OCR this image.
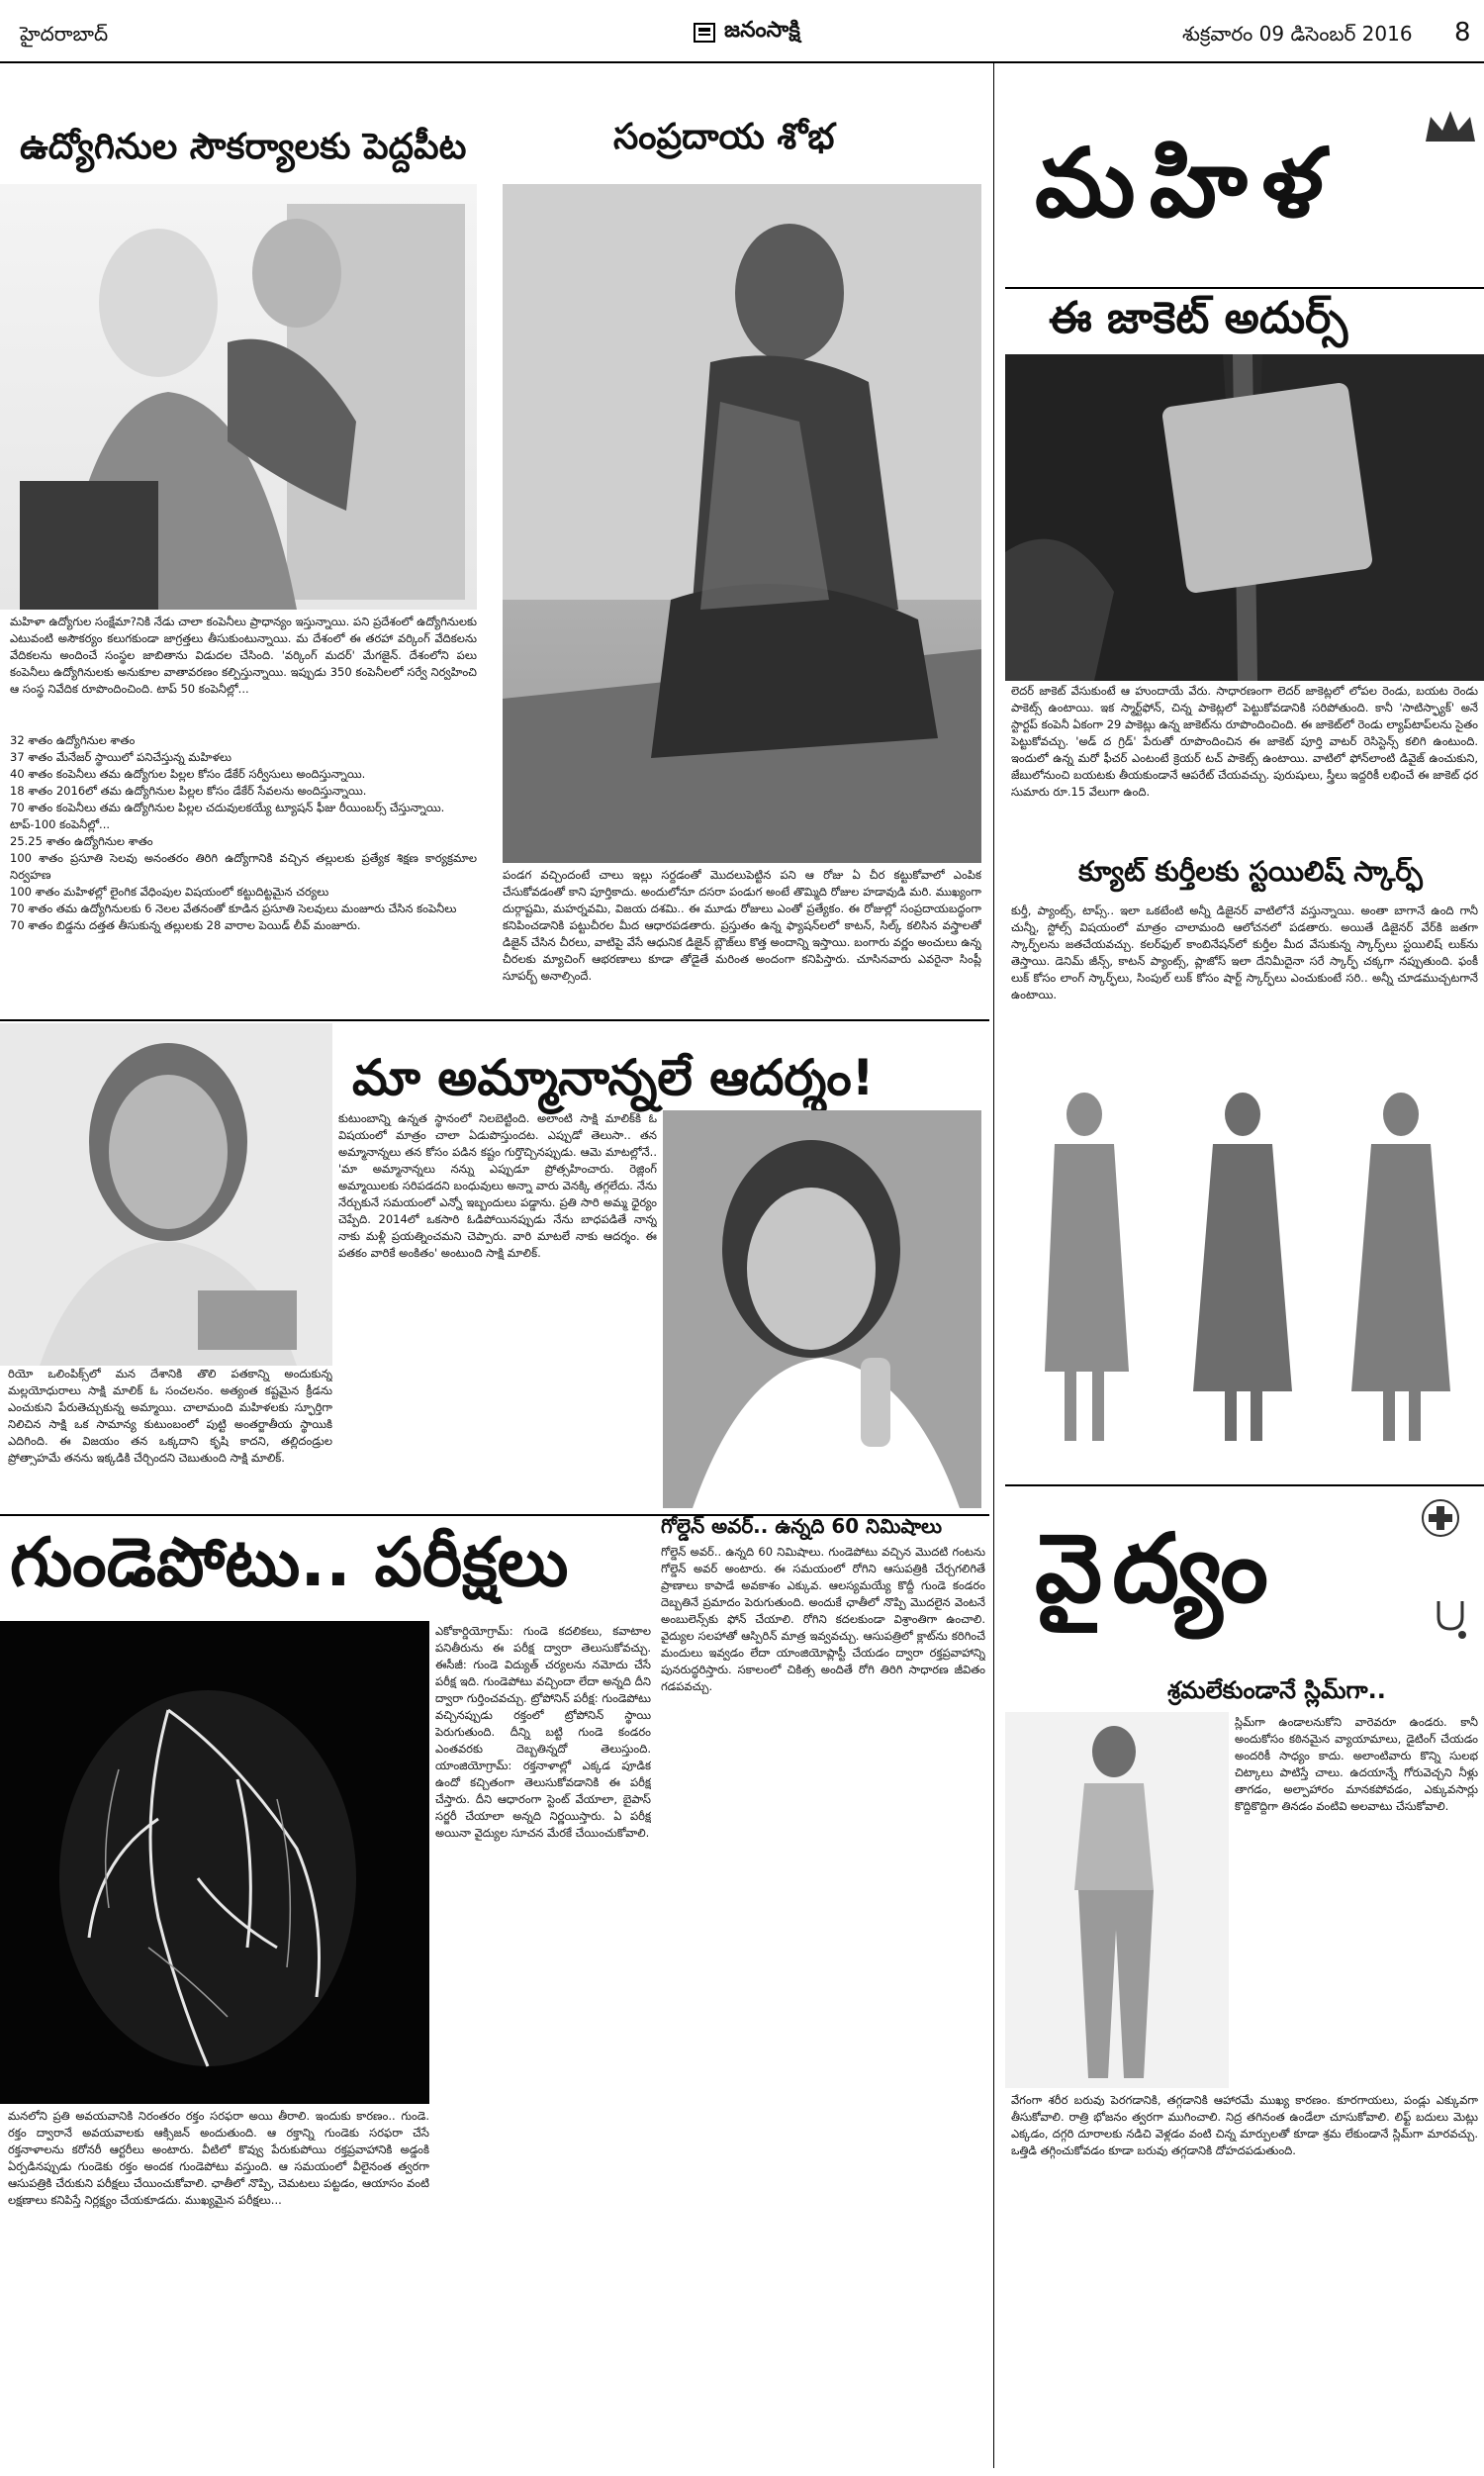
హైదరాబాద్	జనంసాక్షి	శుక్రవారం 09 డిసెంబర్ 2016 8
ఉద్యోగినుల సౌకర్యాలకు పెద్దపీట
మహిళా ఉద్యోగుల సంక్షేమా?నికి నేడు చాలా కంపెనీలు ప్రాధాన్యం ఇస్తున్నాయి. పని ప్రదేశంలో ఉద్యోగినులకు ఎటువంటి అసౌకర్యం కలుగకుండా జాగ్రత్తలు తీసుకుంటున్నాయి. మ దేశంలో ఈ తరహా వర్కింగ్ వేదికలను వేదికలను అందించే సంస్థల జాబితాను విడుదల చేసింది. 'వర్కింగ్ మదర్' మేగజైన్. దేశంలోని పలు కంపెనీలు ఉద్యోగినులకు అనుకూల వాతావరణం కల్పిస్తున్నాయి. ఇప్పుడు 350 కంపెనీలలో సర్వే నిర్వహించి ఆ సంస్థ నివేదిక రూపొందించింది. టాప్ 50 కంపెనీల్లో...
32 శాతం ఉద్యోగినుల శాతం
37 శాతం మేనేజర్ స్థాయిలో పనిచేస్తున్న మహిళలు
40 శాతం కంపెనీలు తమ ఉద్యోగుల పిల్లల కోసం డేకేర్ సర్వీసులు అందిస్తున్నాయి.
18 శాతం 2016లో తమ ఉద్యోగినుల పిల్లల కోసం డేకేర్ సేవలను అందిస్తున్నాయి.
70 శాతం కంపెనీలు తమ ఉద్యోగినుల పిల్లల చదువులకయ్యే ట్యూషన్ ఫీజు రీయింబర్స్ చేస్తున్నాయి.
టాప్-100 కంపెనీల్లో...
25.25 శాతం ఉద్యోగినుల శాతం
100 శాతం ప్రసూతి సెలవు అనంతరం తిరిగి ఉద్యోగానికి వచ్చిన తల్లులకు ప్రత్యేక శిక్షణ కార్యక్రమాల నిర్వహణ
100 శాతం మహిళల్లో లైంగిక వేధింపుల విషయంలో కట్టుదిట్టమైన చర్యలు
70 శాతం తమ ఉద్యోగినులకు 6 నెలల వేతనంతో కూడిన ప్రసూతి సెలవులు మంజూరు చేసిన కంపెనీలు
70 శాతం బిడ్డను దత్తత తీసుకున్న తల్లులకు 28 వారాల పెయిడ్ లీవ్ మంజూరు.
సంప్రదాయ శోభ
పండగ వచ్చిందంటే చాలు ఇల్లు సర్దడంతో మొదలుపెట్టిన పని ఆ రోజు ఏ చీర కట్టుకోవాలో ఎంపిక చేసుకోవడంతో కాని పూర్తికాదు. అందులోనూ దసరా పండుగ అంటే తొమ్మిది రోజుల హడావుడి మరి. ముఖ్యంగా దుర్గాష్టమి, మహర్నవమి, విజయ దశమి.. ఈ మూడు రోజులు ఎంతో ప్రత్యేకం. ఈ రోజుల్లో సంప్రదాయబద్ధంగా కనిపించడానికి పట్టుచీరల మీద ఆధారపడతారు. ప్రస్తుతం ఉన్న ఫ్యాషన్‌లలో కాటన్, సిల్క్ కలిసిన వస్త్రాలతో డిజైన్ చేసిన చీరలు, వాటిపై వేసే ఆధునిక డిజైన్ బ్లౌజ్‌లు కొత్త అందాన్ని ఇస్తాయి. బంగారు వర్ణం అంచులు ఉన్న చీరలకు మ్యాచింగ్ ఆభరణాలు కూడా తోడైతే మరింత అందంగా కనిపిస్తారు. చూసినవారు ఎవరైనా సింప్లీ సూపర్బ్ అనాల్సిందే.
మహిళ
ఈ జాకెట్ అదుర్స్
లెదర్ జాకెట్ వేసుకుంటే ఆ హుందాయే వేరు. సాధారణంగా లెదర్ జాకెట్లలో లోపల రెండు, బయట రెండు పాకెట్స్ ఉంటాయి. ఇక స్మార్ట్‌ఫోన్, చిన్న పాకెట్లలో పెట్టుకోవడానికి సరిపోతుంది. కానీ 'సాటిస్ఫ్యాక్' అనే స్టార్టప్ కంపెనీ ఏకంగా 29 పాకెట్లు ఉన్న జాకెట్‌ను రూపొందించింది. ఈ జాకెట్‌లో రెండు ల్యాప్‌టాప్‌లను సైతం పెట్టుకోవచ్చు. 'అడ్ ద గ్రిడ్' పేరుతో రూపొందించిన ఈ జాకెట్ పూర్తి వాటర్ రెసిస్టెన్స్ కలిగి ఉంటుంది. ఇందులో ఉన్న మరో ఫీచర్ ఎంటంటే క్రెయర్ టచ్ పాకెట్స్ ఉంటాయి. వాటిలో ఫోన్‌లాంటి డివైజ్ ఉంచుకుని, జేబులోనుంచి బయటకు తీయకుండానే ఆపరేట్ చేయవచ్చు. పురుషులు, స్త్రీలు ఇద్దరికీ లభించే ఈ జాకెట్ ధర సుమారు రూ.15 వేలుగా ఉంది.
క్యూట్ కుర్తీలకు స్టయిలిష్ స్కార్ఫ్
కుర్తీ, ప్యాంట్స్, టాప్స్.. ఇలా ఒకటేంటి అన్నీ డిజైనర్ వాటిలోనే వస్తున్నాయి. అంతా బాగానే ఉంది గానీ చున్నీ, స్టోల్స్ విషయంలో మాత్రం చాలామంది ఆలోచనలో పడతారు. అయితే డిజైనర్ వేర్‌కి జతగా స్కార్ఫ్‌లను జతచేయవచ్చు. కలర్‌ఫుల్ కాంబినేషన్‌లో కుర్తీల మీద వేసుకున్న స్కార్ఫ్‌లు స్టయిలిష్ లుక్‌ను తెస్తాయి. డెనిమ్ జీన్స్, కాటన్ ప్యాంట్స్, ప్లాజోస్ ఇలా దేనిమీదైనా సరే స్కార్ఫ్ చక్కగా నప్పుతుంది. ఫంకీ లుక్ కోసం లాంగ్ స్కార్ఫ్‌లు, సింపుల్ లుక్ కోసం షార్ట్ స్కార్ఫ్‌లు ఎంచుకుంటే సరి.. అన్నీ చూడముచ్చటగానే ఉంటాయి.
మా అమ్మానాన్నలే ఆదర్శం!
రియో ఒలింపిక్స్‌లో మన దేశానికి తొలి పతకాన్ని అందుకున్న మల్లయోధురాలు సాక్షి మాలిక్ ఓ సంచలనం. అత్యంత కష్టమైన క్రీడను ఎంచుకుని పేరుతెచ్చుకున్న అమ్మాయి. చాలామంది మహిళలకు స్ఫూర్తిగా నిలిచిన సాక్షి ఒక సామాన్య కుటుంబంలో పుట్టి అంతర్జాతీయ స్థాయికి ఎదిగింది. ఈ విజయం తన ఒక్కదాని కృషి కాదని, తల్లిదండ్రుల ప్రోత్సాహమే తనను ఇక్కడికి చేర్చిందని చెబుతుంది సాక్షి మాలిక్.
కుటుంబాన్ని ఉన్నత స్థానంలో నిలబెట్టింది. అలాంటి సాక్షి మాలిక్‌కి ఓ విషయంలో మాత్రం చాలా ఏడుపొస్తుందట. ఎప్పుడో తెలుసా.. తన అమ్మానాన్నలు తన కోసం పడిన కష్టం గుర్తొచ్చినప్పుడు. ఆమె మాటల్లోనే.. 'మా అమ్మానాన్నలు నన్ను ఎప్పుడూ ప్రోత్సహించారు. రెజ్లింగ్ అమ్మాయిలకు సరిపడదని బంధువులు అన్నా వారు వెనక్కి తగ్గలేదు. నేను నేర్చుకునే సమయంలో ఎన్నో ఇబ్బందులు పడ్డాను. ప్రతి సారి అమ్మ ధైర్యం చెప్పేది. 2014లో ఒకసారి ఓడిపోయినప్పుడు నేను బాధపడితే నాన్న నాకు మళ్లీ ప్రయత్నించమని చెప్పారు. వారి మాటలే నాకు ఆదర్శం. ఈ పతకం వారికే అంకితం' అంటుంది సాక్షి మాలిక్.
గుండెపోటు.. పరీక్షలు	గోల్డెన్ అవర్.. ఉన్నది 60 నిమిషాలు
మనలోని ప్రతి అవయవానికి నిరంతరం రక్తం సరఫరా అయి తీరాలి. ఇందుకు కారణం.. గుండె. రక్తం ద్వారానే అవయవాలకు ఆక్సిజన్ అందుతుంది. ఆ రక్తాన్ని గుండెకు సరఫరా చేసే రక్తనాళాలను కరోనరీ ఆర్టరీలు అంటారు. వీటిలో కొవ్వు పేరుకుపోయి రక్తప్రవాహానికి అడ్డంకి ఏర్పడినప్పుడు గుండెకు రక్తం అందక గుండెపోటు వస్తుంది. ఆ సమయంలో వీలైనంత త్వరగా ఆసుపత్రికి చేరుకుని పరీక్షలు చేయించుకోవాలి. ఛాతీలో నొప్పి, చెమటలు పట్టడం, ఆయాసం వంటి లక్షణాలు కనిపిస్తే నిర్లక్ష్యం చేయకూడదు. ముఖ్యమైన పరీక్షలు...
ఎకోకార్డియోగ్రామ్: గుండె కదలికలు, కవాటాల పనితీరును ఈ పరీక్ష ద్వారా తెలుసుకోవచ్చు. ఈసీజీ: గుండె విద్యుత్ చర్యలను నమోదు చేసే పరీక్ష ఇది. గుండెపోటు వచ్చిందా లేదా అన్నది దీని ద్వారా గుర్తించవచ్చు. ట్రోపోనిన్ పరీక్ష: గుండెపోటు వచ్చినప్పుడు రక్తంలో ట్రోపోనిన్ స్థాయి పెరుగుతుంది. దీన్ని బట్టి గుండె కండరం ఎంతవరకు దెబ్బతిన్నదో తెలుస్తుంది. యాంజియోగ్రామ్: రక్తనాళాల్లో ఎక్కడ పూడిక ఉందో కచ్చితంగా తెలుసుకోవడానికి ఈ పరీక్ష చేస్తారు. దీని ఆధారంగా స్టెంట్ వేయాలా, బైపాస్ సర్జరీ చేయాలా అన్నది నిర్ణయిస్తారు. ఏ పరీక్ష అయినా వైద్యుల సూచన మేరకే చేయించుకోవాలి.
గోల్డెన్ అవర్.. ఉన్నది 60 నిమిషాలు. గుండెపోటు వచ్చిన మొదటి గంటను గోల్డెన్ అవర్ అంటారు. ఈ సమయంలో రోగిని ఆసుపత్రికి చేర్చగలిగితే ప్రాణాలు కాపాడే అవకాశం ఎక్కువ. ఆలస్యమయ్యే కొద్దీ గుండె కండరం దెబ్బతినే ప్రమాదం పెరుగుతుంది. అందుకే ఛాతీలో నొప్పి మొదలైన వెంటనే అంబులెన్స్‌కు ఫోన్ చేయాలి. రోగిని కదలకుండా విశ్రాంతిగా ఉంచాలి. వైద్యుల సలహాతో ఆస్పిరిన్ మాత్ర ఇవ్వవచ్చు. ఆసుపత్రిలో క్లాట్‌ను కరిగించే మందులు ఇవ్వడం లేదా యాంజియోప్లాస్టీ చేయడం ద్వారా రక్తప్రవాహాన్ని పునరుద్ధరిస్తారు. సకాలంలో చికిత్స అందితే రోగి తిరిగి సాధారణ జీవితం గడపవచ్చు.
వైద్యం
శ్రమలేకుండానే స్లిమ్‌గా..
స్లిమ్‌గా ఉండాలనుకోని వారెవరూ ఉండరు. కానీ అందుకోసం కఠినమైన వ్యాయామాలు, డైటింగ్ చేయడం అందరికీ సాధ్యం కాదు. అలాంటివారు కొన్ని సులభ చిట్కాలు పాటిస్తే చాలు. ఉదయాన్నే గోరువెచ్చని నీళ్లు తాగడం, అల్పాహారం మానకపోవడం, ఎక్కువసార్లు కొద్దికొద్దిగా తినడం వంటివి అలవాటు చేసుకోవాలి.
వేగంగా శరీర బరువు పెరగడానికి, తగ్గడానికి ఆహారమే ముఖ్య కారణం. కూరగాయలు, పండ్లు ఎక్కువగా తీసుకోవాలి. రాత్రి భోజనం త్వరగా ముగించాలి. నిద్ర తగినంత ఉండేలా చూసుకోవాలి. లిఫ్ట్ బదులు మెట్లు ఎక్కడం, దగ్గరి దూరాలకు నడిచి వెళ్లడం వంటి చిన్న మార్పులతో కూడా శ్రమ లేకుండానే స్లిమ్‌గా మారవచ్చు. ఒత్తిడి తగ్గించుకోవడం కూడా బరువు తగ్గడానికి దోహదపడుతుంది.
